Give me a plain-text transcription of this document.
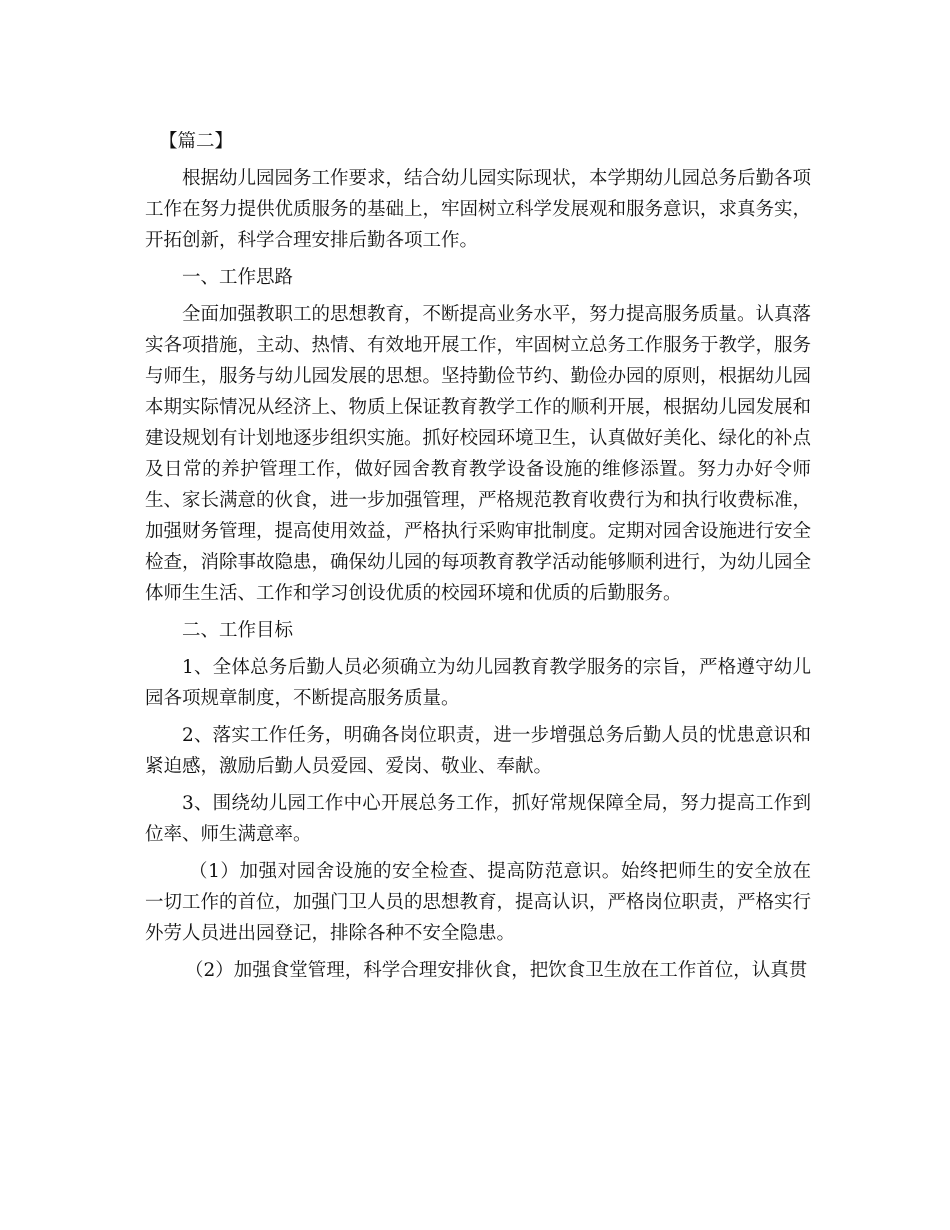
【篇二】

根据幼儿园园务工作要求，结合幼儿园实际现状，本学期幼儿园总务后勤各项工作在努力提供优质服务的基础上，牢固树立科学发展观和服务意识，求真务实，开拓创新，科学合理安排后勤各项工作。

一、工作思路

全面加强教职工的思想教育，不断提高业务水平，努力提高服务质量。认真落实各项措施，主动、热情、有效地开展工作，牢固树立总务工作服务于教学，服务与师生，服务与幼儿园发展的思想。坚持勤俭节约、勤俭办园的原则，根据幼儿园本期实际情况从经济上、物质上保证教育教学工作的顺利开展，根据幼儿园发展和建设规划有计划地逐步组织实施。抓好校园环境卫生，认真做好美化、绿化的补点及日常的养护管理工作，做好园舍教育教学设备设施的维修添置。努力办好令师生、家长满意的伙食，进一步加强管理，严格规范教育收费行为和执行收费标准，加强财务管理，提高使用效益，严格执行采购审批制度。定期对园舍设施进行安全检查，消除事故隐患，确保幼儿园的每项教育教学活动能够顺利进行，为幼儿园全体师生生活、工作和学习创设优质的校园环境和优质的后勤服务。

二、工作目标

1、全体总务后勤人员必须确立为幼儿园教育教学服务的宗旨，严格遵守幼儿园各项规章制度，不断提高服务质量。

2、落实工作任务，明确各岗位职责，进一步增强总务后勤人员的忧患意识和紧迫感，激励后勤人员爱园、爱岗、敬业、奉献。

3、围绕幼儿园工作中心开展总务工作，抓好常规保障全局，努力提高工作到位率、师生满意率。

（1）加强对园舍设施的安全检查、提高防范意识。始终把师生的安全放在一切工作的首位，加强门卫人员的思想教育，提高认识，严格岗位职责，严格实行外劳人员进出园登记，排除各种不安全隐患。

（2）加强食堂管理，科学合理安排伙食，把饮食卫生放在工作首位，认真贯
